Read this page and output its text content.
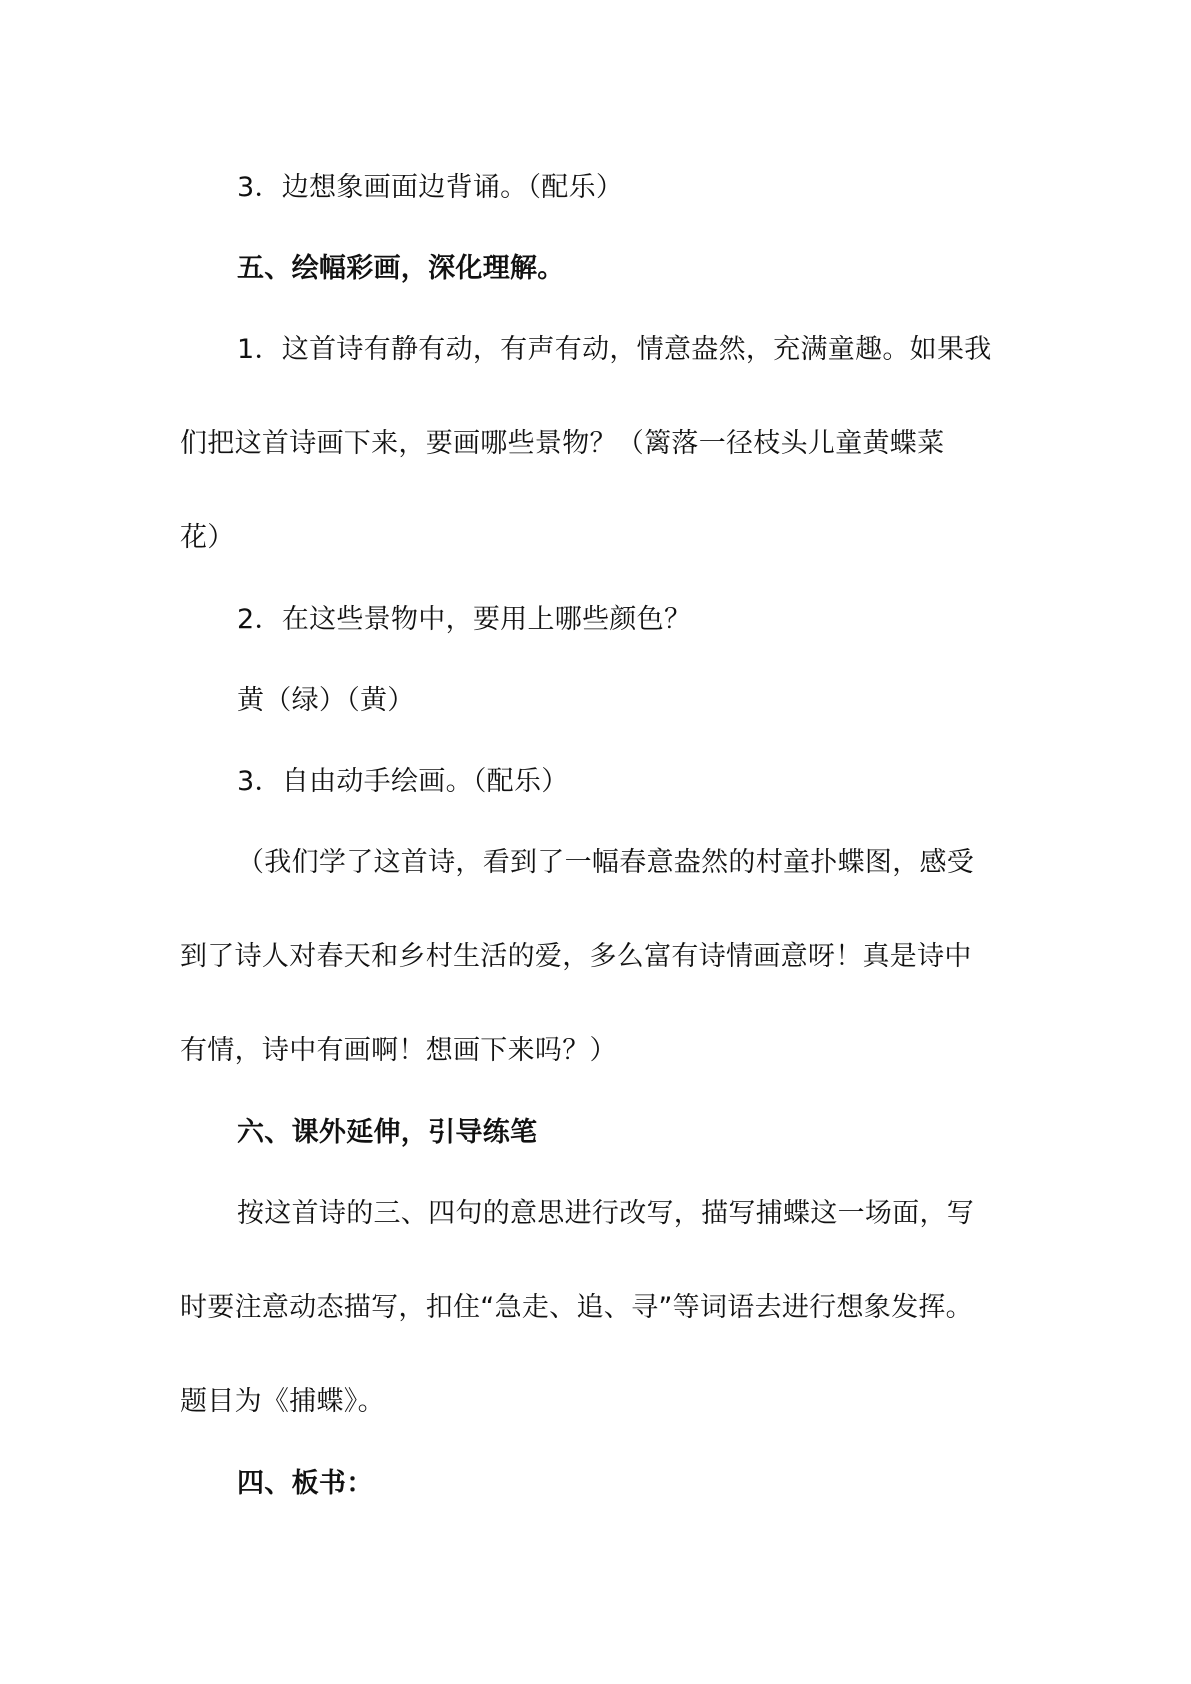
3．边想象画面边背诵。（配乐）
五、绘幅彩画，深化理解。
1．这首诗有静有动，有声有动，情意盎然，充满童趣。如果我
们把这首诗画下来，要画哪些景物？（篱落一径枝头儿童黄蝶菜
花）
2．在这些景物中，要用上哪些颜色？
黄（绿）（黄）
3．自由动手绘画。（配乐）
（我们学了这首诗，看到了一幅春意盎然的村童扑蝶图，感受
到了诗人对春天和乡村生活的爱，多么富有诗情画意呀！真是诗中
有情，诗中有画啊！想画下来吗？）
六、课外延伸，引导练笔
按这首诗的三、四句的意思进行改写，描写捕蝶这一场面，写
时要注意动态描写，扣住“急走、追、寻”等词语去进行想象发挥。
题目为《捕蝶》。
四、板书：
